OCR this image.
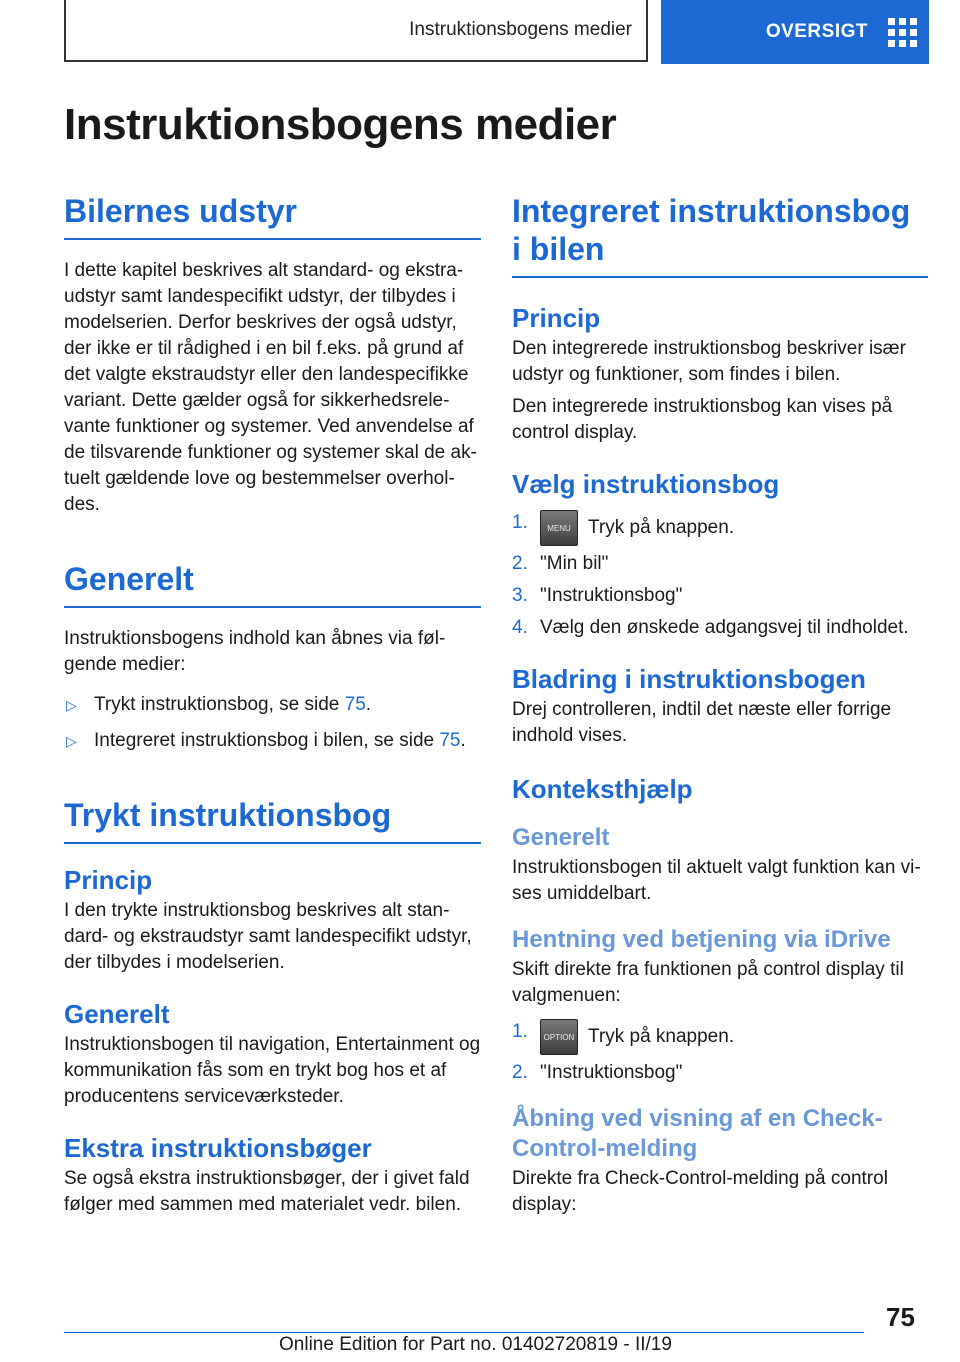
Instruktionsbogens medier	OVERSIGT
Instruktionsbogens medier
Bilernes udstyr

I dette kapitel beskrives alt standard- og ekstraudstyr samt landespecifikt udstyr, der tilbydes i modelserien. Derfor beskrives der også udstyr, der ikke er til rådighed i en bil f.eks. på grund af det valgte ekstraudstyr eller den landespecifikke variant. Dette gælder også for sikkerhedsrelevante funktioner og systemer. Ved anvendelse af de tilsvarende funktioner og systemer skal de aktuelt gældende love og bestemmelser overholdes.

Generelt

Instruktionsbogens indhold kan åbnes via følgende medier:

▷ Trykt instruktionsbog, se side 75.
▷ Integreret instruktionsbog i bilen, se side 75.
Trykt instruktionsbog
Princip

I den trykte instruktionsbog beskrives alt standard- og ekstraudstyr samt landespecifikt udstyr, der tilbydes i modelserien.

Generelt

Instruktionsbogen til navigation, Entertainment og kommunikation fås som en trykt bog hos et af producentens serviceværksteder.

Ekstra instruktionsbøger

Se også ekstra instruktionsbøger, der i givet fald følger med sammen med materialet vedr. bilen.

Integreret instruktionsbog i bilen
Princip

Den integrerede instruktionsbog beskriver især udstyr og funktioner, som findes i bilen.

Den integrerede instruktionsbog kan vises på control display.

Vælg instruktionsbog
1. MENU Tryk på knappen.
2. "Min bil"
3. "Instruktionsbog"
4. Vælg den ønskede adgangsvej til indholdet.
Bladring i instruktionsbogen

Drej controlleren, indtil det næste eller forrige indhold vises.

Konteksthjælp
Generelt

Instruktionsbogen til aktuelt valgt funktion kan vises umiddelbart.

Hentning ved betjening via iDrive

Skift direkte fra funktionen på control display til valgmenuen:

1. OPTION Tryk på knappen.
2. "Instruktionsbog"
Åbning ved visning af en Check-Control-melding

Direkte fra Check-Control-melding på control display:

75
Online Edition for Part no. 01402720819 - II/19
